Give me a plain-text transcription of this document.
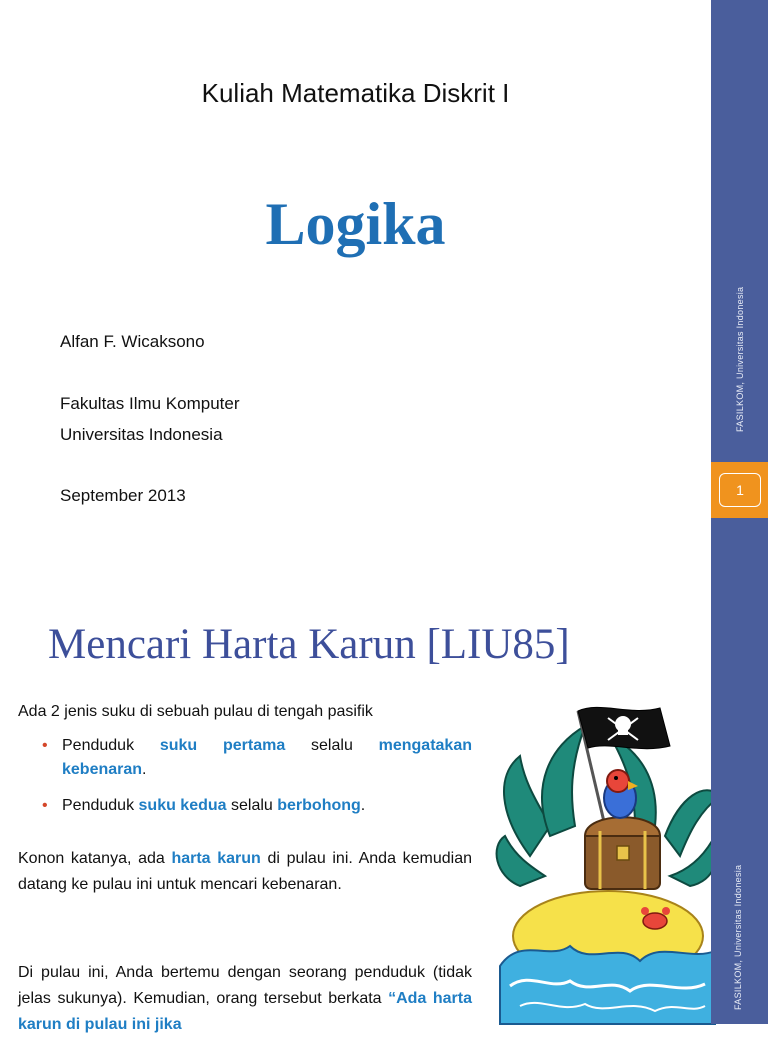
Kuliah Matematika Diskrit I
Logika
Alfan F. Wicaksono
Fakultas Ilmu Komputer
Universitas Indonesia
September 2013
FASILKOM, Universitas Indonesia
1
Mencari Harta Karun [LIU85]
Ada 2 jenis suku di sebuah pulau di tengah pasifik
• Penduduk suku pertama selalu mengatakan kebenaran.
• Penduduk suku kedua selalu berbohong.
Konon katanya, ada harta karun di pulau ini. Anda kemudian datang ke pulau ini untuk mencari kebenaran.
Di pulau ini, Anda bertemu dengan seorang penduduk (tidak jelas sukunya). Kemudian, orang tersebut berkata “Ada harta karun di pulau ini jika
FASILKOM, Universitas Indonesia
